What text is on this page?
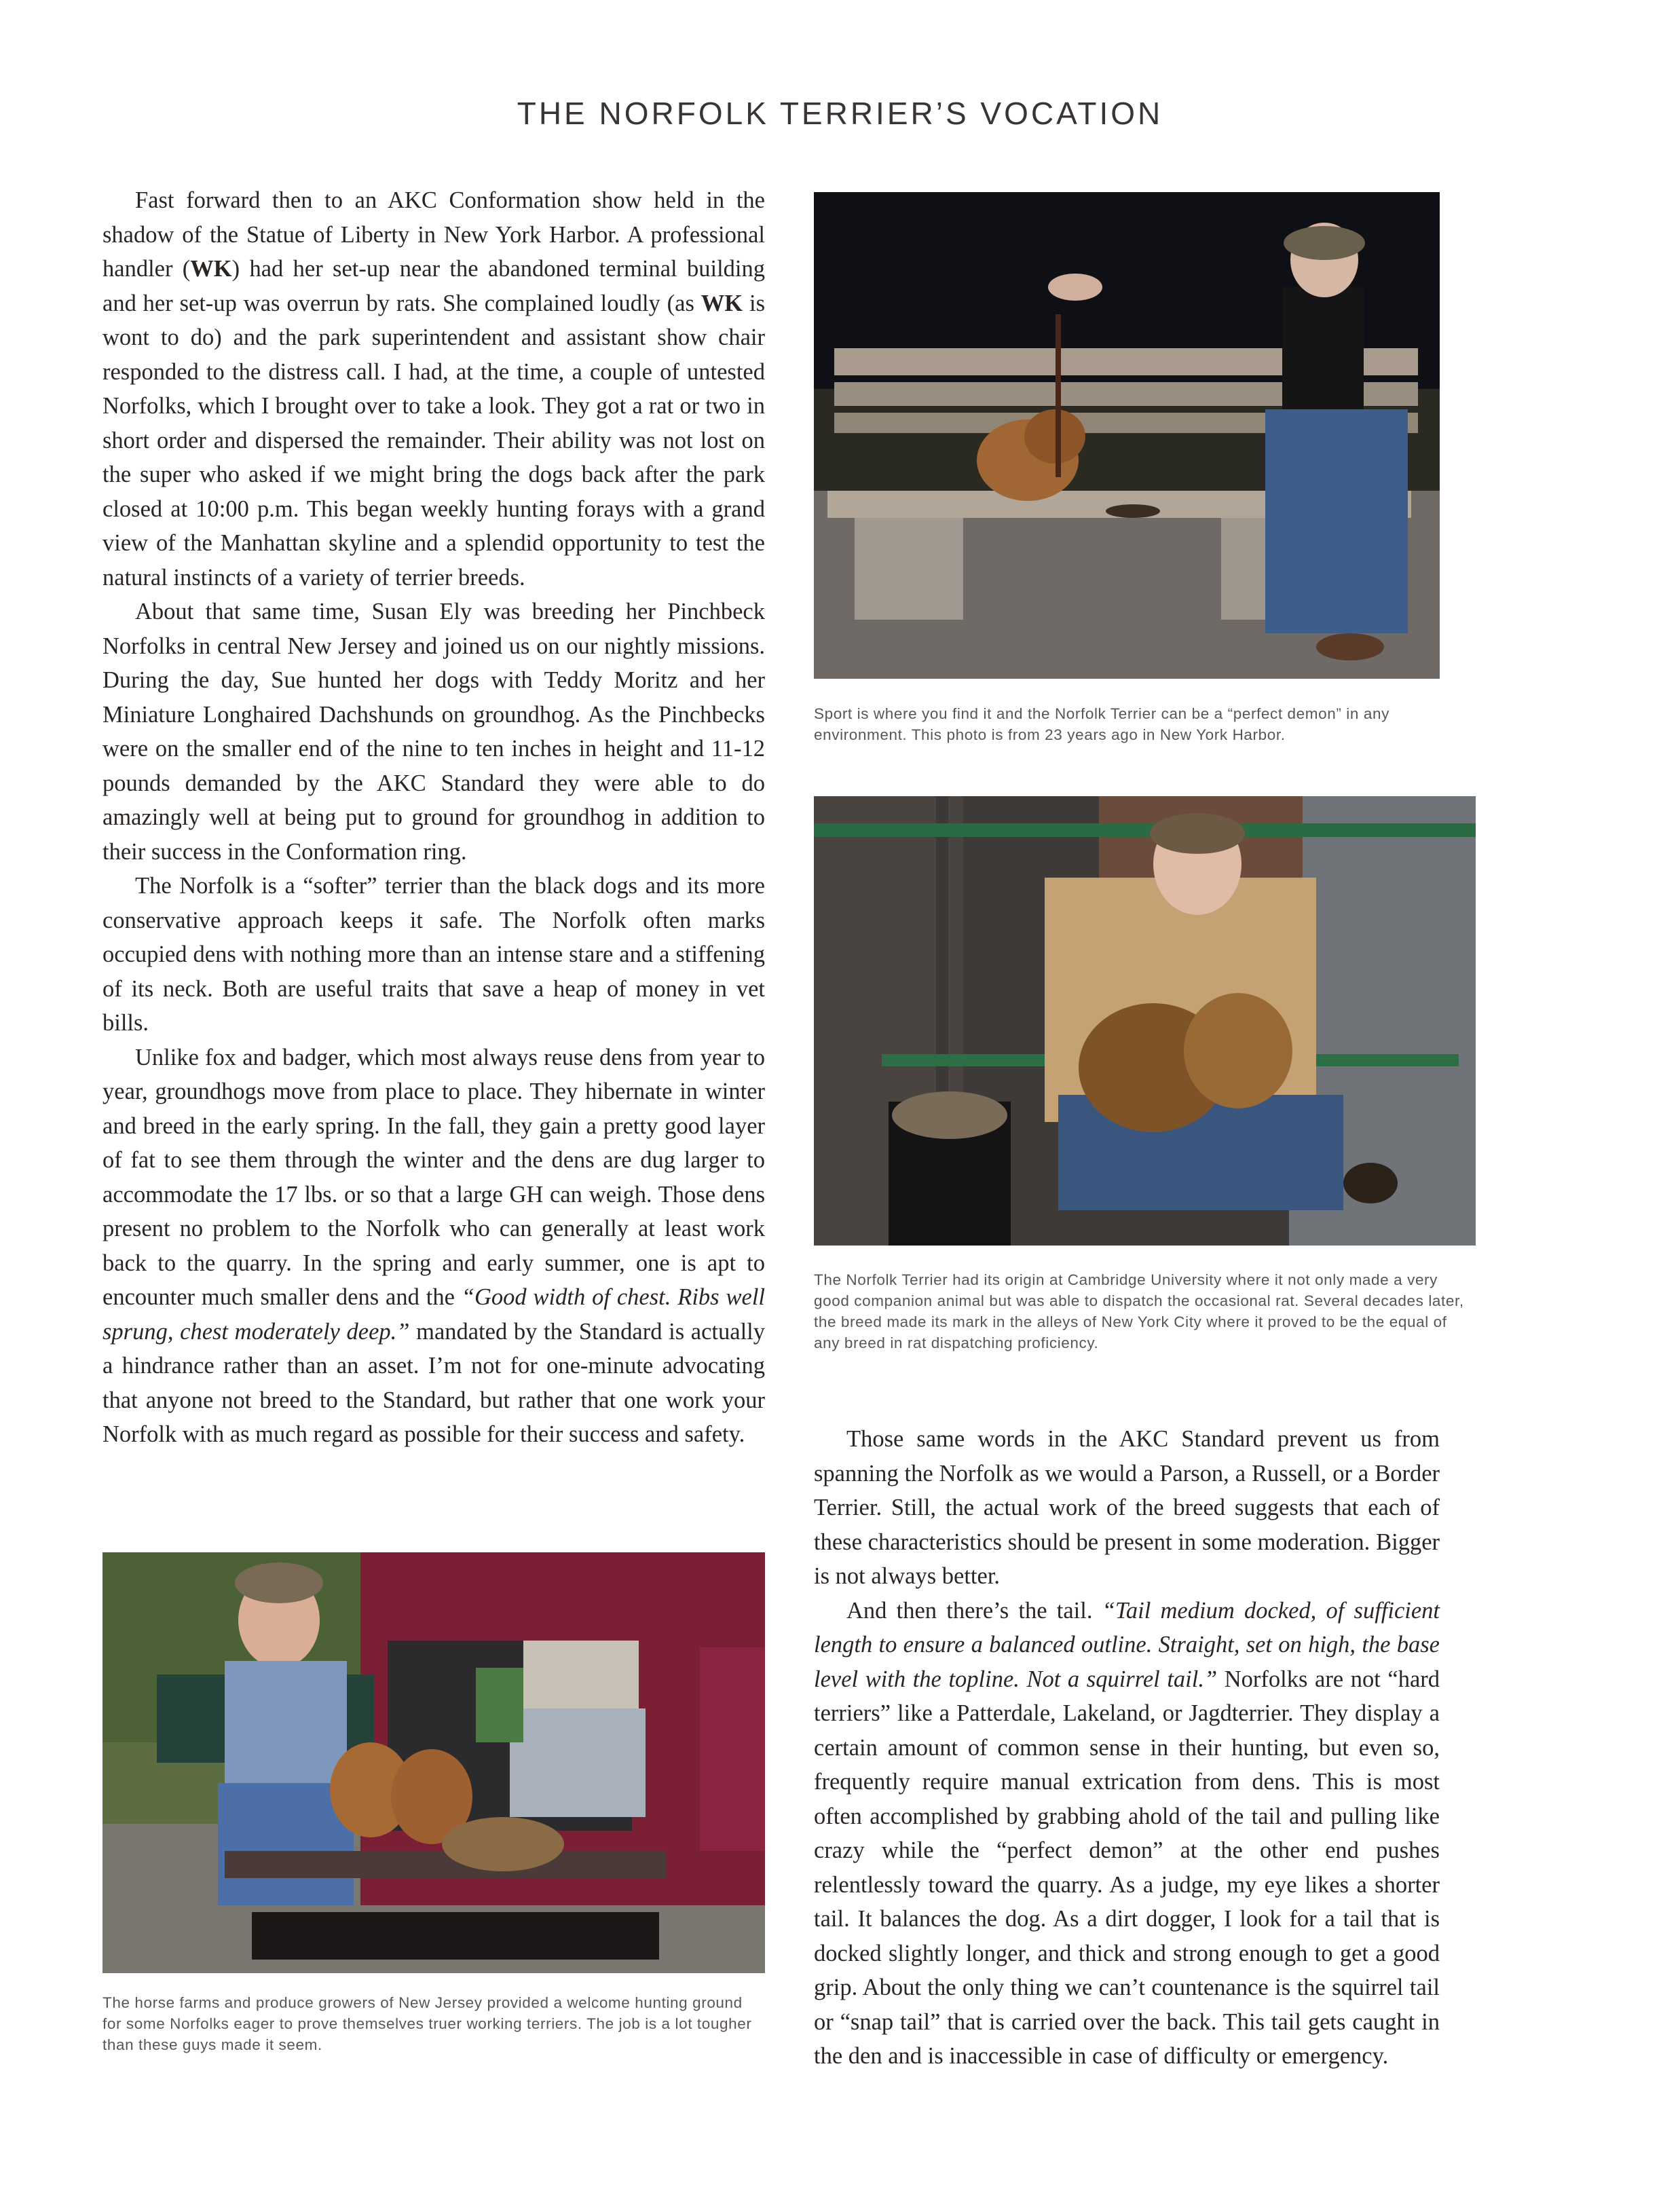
THE NORFOLK TERRIER’S VOCATION

Fast forward then to an AKC Conformation show held in the shadow of the Statue of Liberty in New York Harbor. A professional handler (WK) had her set-up near the abandoned terminal building and her set-up was overrun by rats. She complained loudly (as WK is wont to do) and the park superintendent and assistant show chair responded to the distress call. I had, at the time, a couple of untested Norfolks, which I brought over to take a look. They got a rat or two in short order and dispersed the remainder. Their ability was not lost on the super who asked if we might bring the dogs back after the park closed at 10:00 p.m. This began weekly hunting forays with a grand view of the Manhattan skyline and a splendid opportunity to test the natural instincts of a variety of terrier breeds.

About that same time, Susan Ely was breeding her Pinchbeck Norfolks in central New Jersey and joined us on our nightly missions. During the day, Sue hunted her dogs with Teddy Moritz and her Miniature Longhaired Dachshunds on groundhog. As the Pinchbecks were on the smaller end of the nine to ten inches in height and 11-12 pounds demanded by the AKC Standard they were able to do amazingly well at being put to ground for groundhog in addition to their success in the Conformation ring.

The Norfolk is a “softer” terrier than the black dogs and its more conservative approach keeps it safe. The Norfolk often marks occupied dens with nothing more than an intense stare and a stiffening of its neck. Both are useful traits that save a heap of money in vet bills.

Unlike fox and badger, which most always reuse dens from year to year, groundhogs move from place to place. They hibernate in winter and breed in the early spring. In the fall, they gain a pretty good layer of fat to see them through the winter and the dens are dug larger to accommodate the 17 lbs. or so that a large GH can weigh. Those dens present no problem to the Norfolk who can generally at least work back to the quarry. In the spring and early summer, one is apt to encounter much smaller dens and the “Good width of chest. Ribs well sprung, chest moderately deep.” mandated by the Standard is actually a hindrance rather than an asset. I’m not for one-minute advocating that anyone not breed to the Standard, but rather that one work your Norfolk with as much regard as possible for their success and safety.

Sport is where you find it and the Norfolk Terrier can be a “perfect demon” in any environment. This photo is from 23 years ago in New York Harbor.

The Norfolk Terrier had its origin at Cambridge University where it not only made a very good companion animal but was able to dispatch the occasional rat. Several decades later, the breed made its mark in the alleys of New York City where it proved to be the equal of any breed in rat dispatching proficiency.

Those same words in the AKC Standard prevent us from spanning the Norfolk as we would a Parson, a Russell, or a Border Terrier. Still, the actual work of the breed suggests that each of these characteristics should be present in some moderation. Bigger is not always better.

And then there’s the tail. “Tail medium docked, of sufficient length to ensure a balanced outline. Straight, set on high, the base level with the topline. Not a squirrel tail.” Norfolks are not “hard terriers” like a Patterdale, Lakeland, or Jagdterrier. They display a certain amount of common sense in their hunting, but even so, frequently require manual extrication from dens. This is most often accomplished by grabbing ahold of the tail and pulling like crazy while the “perfect demon” at the other end pushes relentlessly toward the quarry. As a judge, my eye likes a shorter tail. It balances the dog. As a dirt dogger, I look for a tail that is docked slightly longer, and thick and strong enough to get a good grip. About the only thing we can’t countenance is the squirrel tail or “snap tail” that is carried over the back. This tail gets caught in the den and is inaccessible in case of difficulty or emergency.

The horse farms and produce growers of New Jersey provided a welcome hunting ground for some Norfolks eager to prove themselves truer working terriers. The job is a lot tougher than these guys made it seem.
